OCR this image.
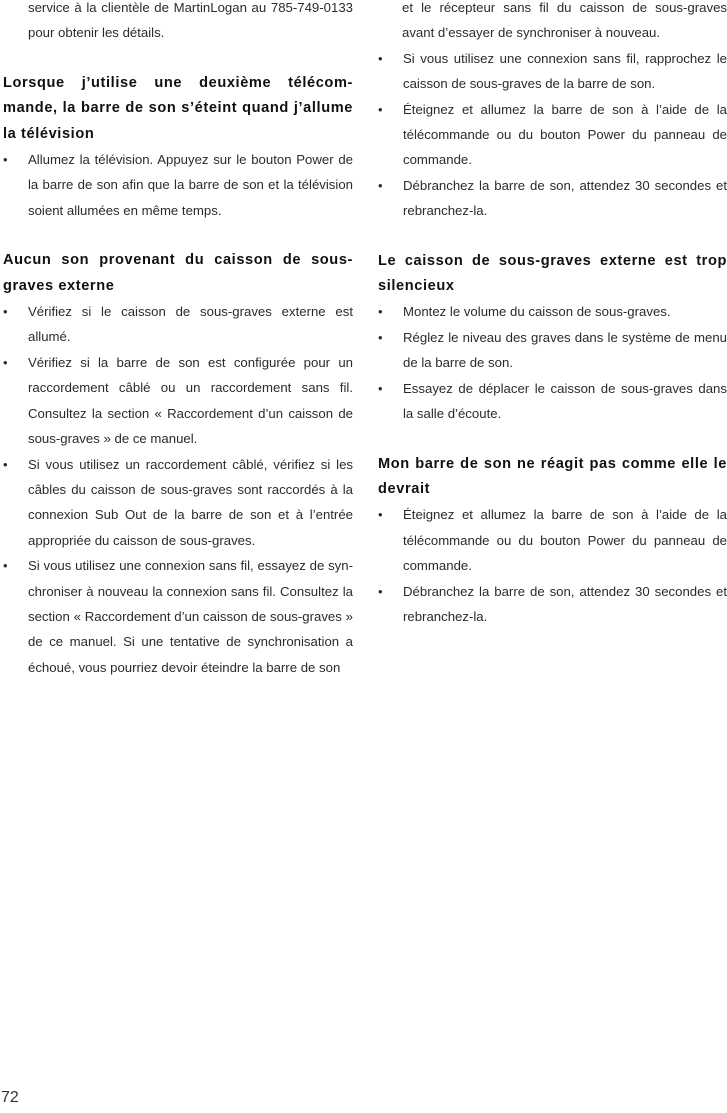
service à la clientèle de MartinLogan au 785-749-0133 pour obtenir les détails.
Lorsque j’utilise une deuxième télécom-mande, la barre de son s’éteint quand j’allume la télévision
•	Allumez la télévision. Appuyez sur le bouton Power de la barre de son afin que la barre de son et la télévision soient allumées en même temps.
Aucun son provenant du caisson de sous-graves externe
•	Vérifiez si le caisson de sous-graves externe est allumé.
•	Vérifiez si la barre de son est configurée pour un raccordement câblé ou un raccordement sans fil. Consultez la section « Raccordement d’un caisson de sous-graves » de ce manuel.
•	Si vous utilisez un raccordement câblé, vérifiez si les câbles du caisson de sous-graves sont raccordés à la connexion Sub Out de la barre de son et à l’entrée appropriée du caisson de sous-graves.
•	Si vous utilisez une connexion sans fil, essayez de syn-chroniser à nouveau la connexion sans fil. Consultez la section « Raccordement d’un caisson de sous-graves » de ce manuel. Si une tentative de synchronisation a échoué, vous pourriez devoir éteindre la barre de son
et le récepteur sans fil du caisson de sous-graves avant d’essayer de synchroniser à nouveau.
•	Si vous utilisez une connexion sans fil, rapprochez le caisson de sous-graves de la barre de son.
•	Éteignez et allumez la barre de son à l’aide de la télécommande ou du bouton Power du panneau de commande.
•	Débranchez la barre de son, attendez 30 secondes et rebranchez-la.
Le caisson de sous-graves externe est trop silencieux
•	Montez le volume du caisson de sous-graves.
•	Réglez le niveau des graves dans le système de menu de la barre de son.
•	Essayez de déplacer le caisson de sous-graves dans la salle d’écoute.
Mon barre de son ne réagit pas comme elle le devrait
•	Éteignez et allumez la barre de son à l’aide de la télécommande ou du bouton Power du panneau de commande.
•	Débranchez la barre de son, attendez 30 secondes et rebranchez-la.
72
